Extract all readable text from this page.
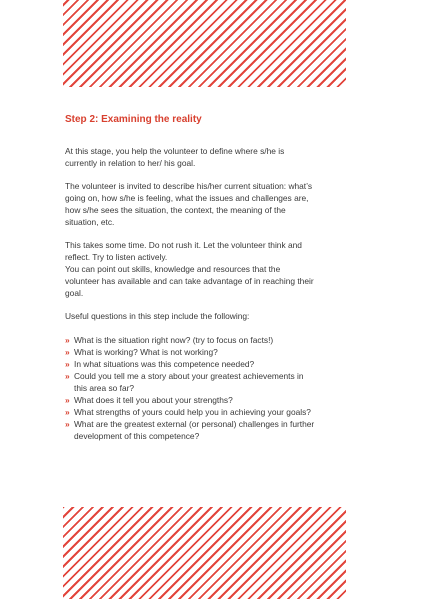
Step 2: Examining the reality

At this stage, you help the volunteer to define where s/he is currently in relation to her/ his goal.

The volunteer is invited to describe his/her current situation: what’s going on, how s/he is feeling, what the issues and challenges are, how s/he sees the situation, the context, the meaning of the situation, etc.

This takes some time. Do not rush it. Let the volunteer think and reflect. Try to listen actively.

You can point out skills, knowledge and resources that the volunteer has available and can take advantage of in reaching their goal.

Useful questions in this step include the following:

» What is the situation right now? (try to focus on facts!)
» What is working? What is not working?
» In what situations was this competence needed?
» Could you tell me a story about your greatest achievements in this area so far?
» What does it tell you about your strengths?
» What strengths of yours could help you in achieving your goals?
» What are the greatest external (or personal) challenges in further development of this competence?
